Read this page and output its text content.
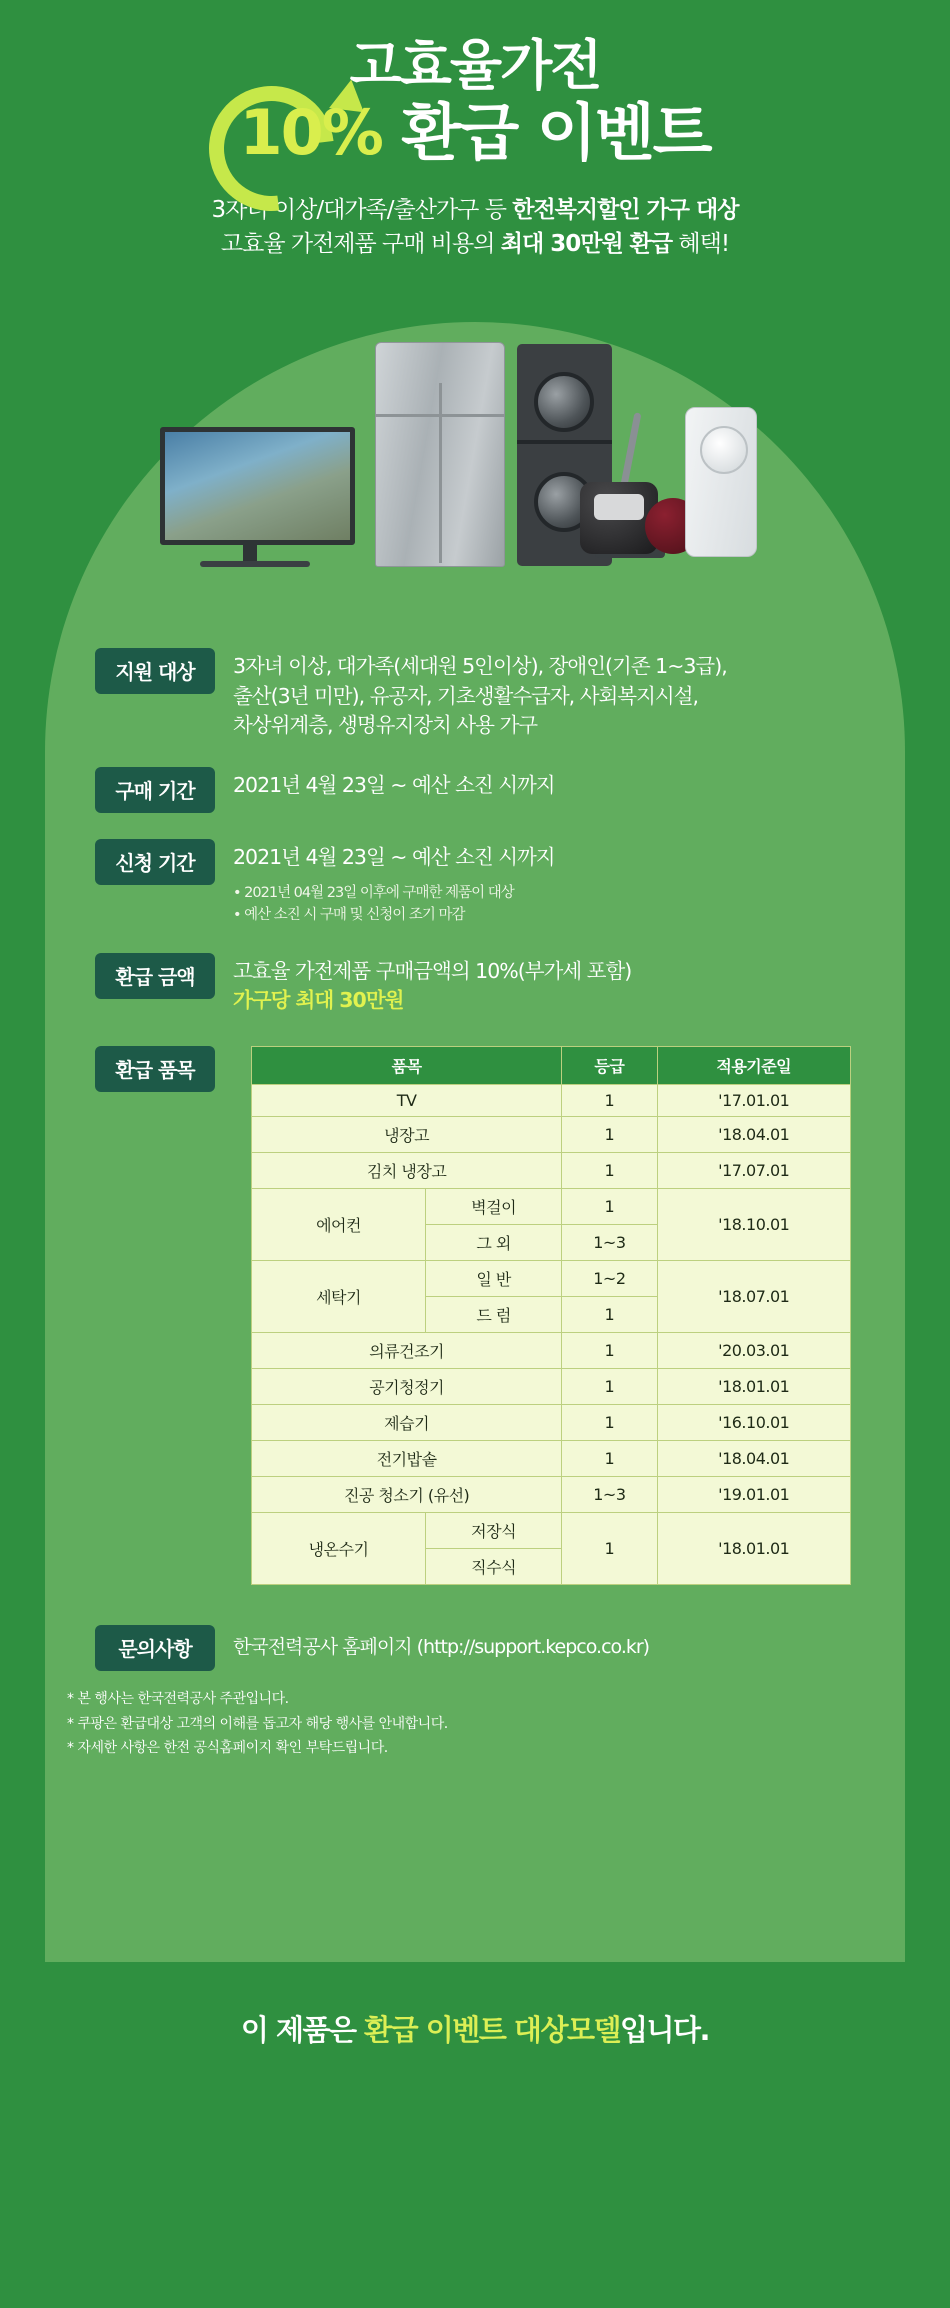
고효율가전
10% 환급 이벤트
3자녀 이상/대가족/출산가구 등 한전복지할인 가구 대상
고효율 가전제품 구매 비용의 최대 30만원 환급 혜택!
지원 대상	3자녀 이상, 대가족(세대원 5인이상), 장애인(기존 1~3급),
출산(3년 미만), 유공자, 기초생활수급자, 사회복지시설,
차상위계층, 생명유지장치 사용 가구
구매 기간	2021년 4월 23일 ~ 예산 소진 시까지
신청 기간	2021년 4월 23일 ~ 예산 소진 시까지
• 2021년 04월 23일 이후에 구매한 제품이 대상
• 예산 소진 시 구매 및 신청이 조기 마감
환급 금액	고효율 가전제품 구매금액의 10%(부가세 포함)
가구당 최대 30만원
환급 품목	품목		등급	적용기준일
TV		1	'17.01.01
냉장고		1	'18.04.01
김치 냉장고		1	'17.07.01
에어컨	벽걸이	1	'18.10.01
	그 외	1~3	
세탁기	일 반	1~2	'18.07.01
	드 럼	1	
의류건조기		1	'20.03.01
공기청정기		1	'18.01.01
제습기		1	'16.10.01
전기밥솥		1	'18.04.01
진공 청소기 (유선)		1~3	'19.01.01
냉온수기	저장식	1	'18.01.01
	직수식		
문의사항	한국전력공사 홈페이지 (http://support.kepco.co.kr)
* 본 행사는 한국전력공사 주관입니다.
* 쿠팡은 환급대상 고객의 이해를 돕고자 해당 행사를 안내합니다.
* 자세한 사항은 한전 공식홈페이지 확인 부탁드립니다.
이 제품은 환급 이벤트 대상모델입니다.
